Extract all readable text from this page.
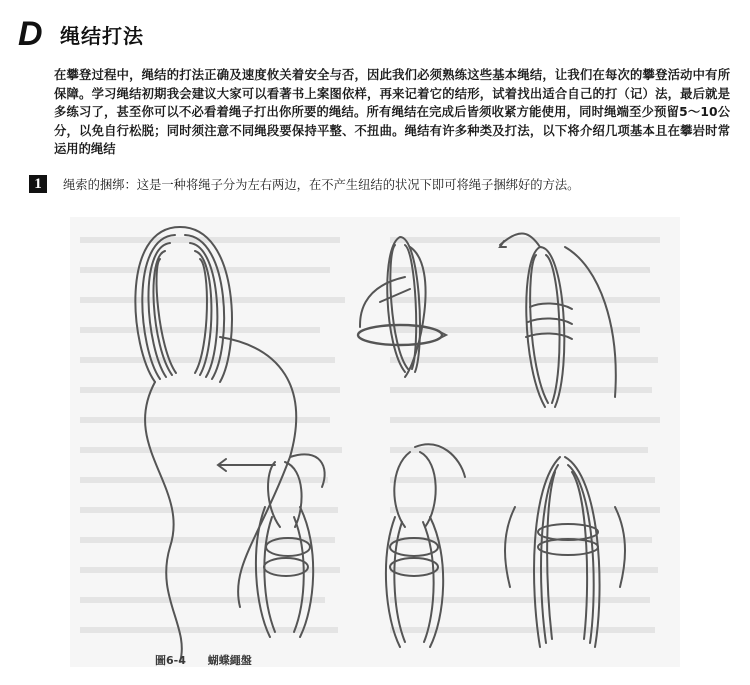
D 绳结打法

在攀登过程中，绳结的打法正确及速度攸关着安全与否，因此我们必须熟练这些基本绳结，让我们在每次的攀登活动中有所保障。学习绳结初期我会建议大家可以看著书上案图依样，再来记着它的结形，试着找出适合自己的打（记）法，最后就是多练习了，甚至你可以不必看着绳子打出你所要的绳结。所有绳结在完成后皆须收紧方能使用，同时绳端至少预留5～10公分，以免自行松脱；同时须注意不同绳段要保持平整、不扭曲。绳结有许多种类及打法，以下将介绍几项基本且在攀岩时常运用的绳结

1	绳索的捆绑：这是一种将绳子分为左右两边，在不产生纽结的状况下即可将绳子捆绑好的方法。
圖6-4 蝴蝶繩盤
